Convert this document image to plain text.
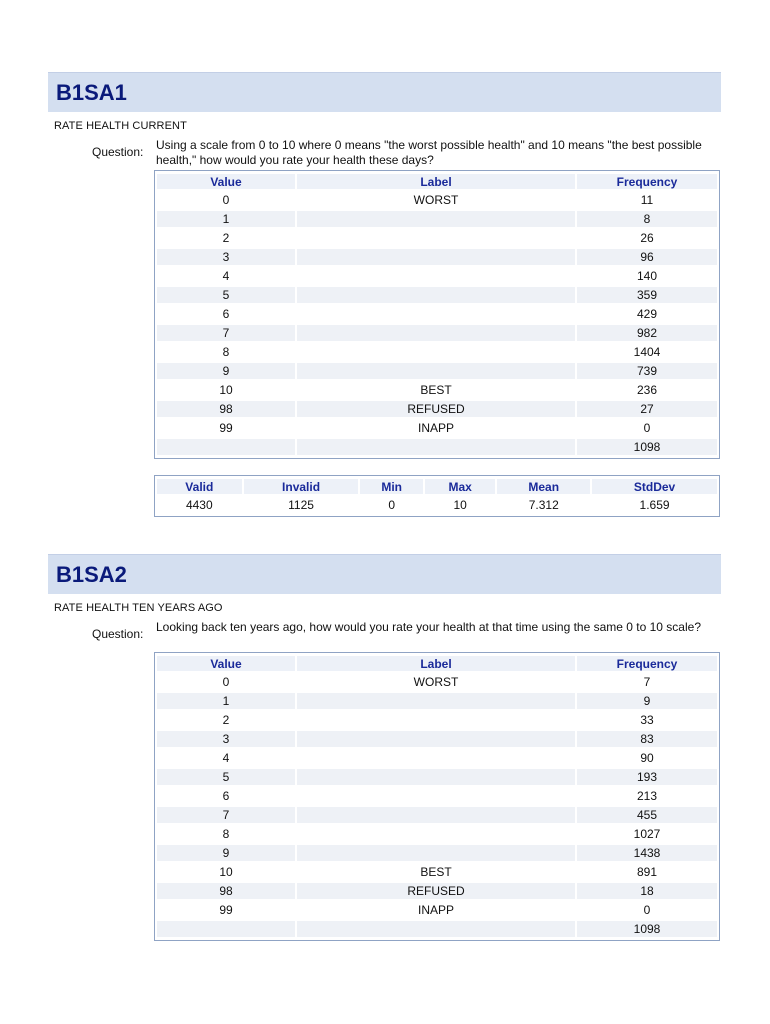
B1SA1
RATE HEALTH CURRENT
Question: Using a scale from 0 to 10 where 0 means "the worst possible health" and 10 means "the best possible health," how would you rate your health these days?
Value	Label	Frequency
0	WORST	11
1		8
2		26
3		96
4		140
5		359
6		429
7		982
8		1404
9		739
10	BEST	236
98	REFUSED	27
99	INAPP	0
		1098
Valid	Invalid	Min	Max	Mean	StdDev
4430	1125	0	10	7.312	1.659
B1SA2
RATE HEALTH TEN YEARS AGO
Question: Looking back ten years ago, how would you rate your health at that time using the same 0 to 10 scale?
Value	Label	Frequency
0	WORST	7
1		9
2		33
3		83
4		90
5		193
6		213
7		455
8		1027
9		1438
10	BEST	891
98	REFUSED	18
99	INAPP	0
		1098
